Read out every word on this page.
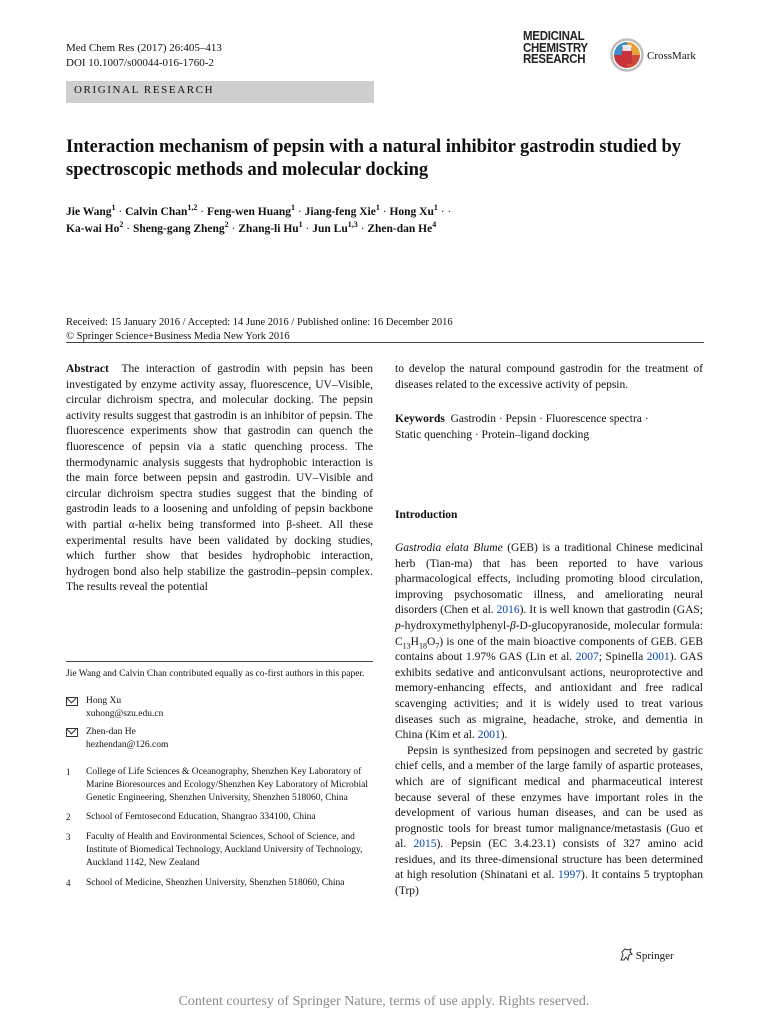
Med Chem Res (2017) 26:405–413
DOI 10.1007/s00044-016-1760-2
MEDICINAL
CHEMISTRY
RESEARCH	CrossMark
ORIGINAL RESEARCH
Interaction mechanism of pepsin with a natural inhibitor gastrodin studied by spectroscopic methods and molecular docking
Jie Wang$^1$ · Calvin Chan$^{1,2}$ · Feng-wen Huang$^1$ · Jiang-feng Xie$^1$ · Hong $Xu^1$ · ·
Ka-wai $Ho^2$ · Sheng-gang Zheng$^2$ · Zhang-li $Hu^1$ · Jun Lu$^{1,3}$ · Zhen-dan He$^4$
Received: 15 January 2016 / Accepted: 14 June 2016 / Published online: 16 December 2016
© Springer Science+Business Media New York 2016

Abstract The interaction of gastrodin with pepsin has been investigated by enzyme activity assay, fluorescence, UV–Visible, circular dichroism spectra, and molecular docking. The pepsin activity results suggest that gastrodin is an inhibitor of pepsin. The fluorescence experiments show that gastrodin can quench the fluorescence of pepsin via a static quenching process. The thermodynamic analysis suggests that hydrophobic interaction is the main force between pepsin and gastrodin. UV–Visible and circular dichroism spectra studies suggest that the binding of gastrodin leads to a loosening and unfolding of pepsin backbone with partial α-helix being transformed into β-sheet. All these experimental results have been validated by docking studies, which further show that besides hydrophobic interaction, hydrogen bond also help stabilize the gastrodin–pepsin complex. The results reveal the potential

to develop the natural compound gastrodin for the treatment of diseases related to the excessive activity of pepsin.
Keywords Gastrodin · Pepsin · Fluorescence spectra ·
Static quenching · Protein–ligand docking
Introduction

Gastrodia elata Blume (GEB) is a traditional Chinese medicinal herb (Tian-ma) that has been reported to have various pharmacological effects, including promoting blood circulation, improving psychosomatic illness, and ameliorating neural disorders (Chen et al. 2016). It is well known that gastrodin (GAS; p-hydroxymethylphenyl-β-D-glucopyranoside, molecular formula: $C_{13}H_{18}O_7$) is one of the main bioactive components of GEB. GEB contains about 1.97% GAS (Lin et al. 2007; Spinella 2001). GAS exhibits sedative and anticonvulsant actions, neuroprotective and memory-enhancing effects, and antioxidant and free radical scavenging activities; and it is widely used to treat various diseases such as migraine, headache, stroke, and dementia in China (Kim et al. 2001).

Pepsin is synthesized from pepsinogen and secreted by gastric chief cells, and a member of the large family of aspartic proteases, which are of significant medical and pharmaceutical interest because several of these enzymes have important roles in the development of various human diseases, and can be used as prognostic tools for breast tumor malignance/metastasis (Guo et al. 2015). Pepsin (EC 3.4.23.1) consists of 327 amino acid residues, and its three-dimensional structure has been determined at high resolution (Shinatani et al. 1997). It contains 5 tryptophan (Trp)

Jie Wang and Calvin Chan contributed equally as co-first authors in this paper.
Hong Xu
xuhong@szu.edu.cn
Zhen-dan He
hezhendan@126.com
1 College of Life Sciences & Oceanography, Shenzhen Key Laboratory of Marine Bioresources and Ecology/Shenzhen Key Laboratory of Microbial Genetic Engineering, Shenzhen University, Shenzhen 518060, China
2 School of Femtosecond Education, Shangrao 334100, China
3 Faculty of Health and Environmental Sciences, School of Science, and Institute of Biomedical Technology, Auckland University of Technology, Auckland 1142, New Zealand
4 School of Medicine, Shenzhen University, Shenzhen 518060, China
Springer
Content courtesy of Springer Nature, terms of use apply. Rights reserved.
